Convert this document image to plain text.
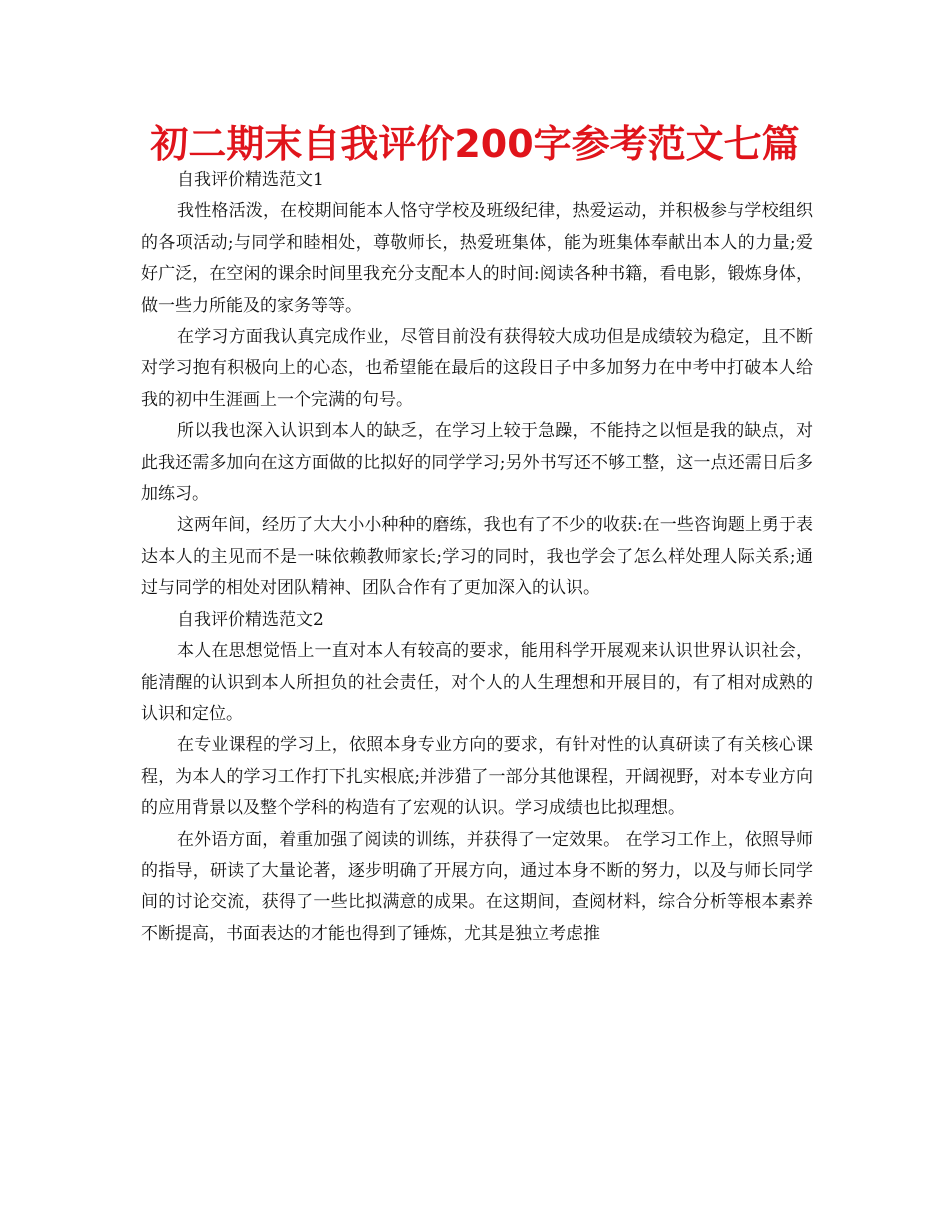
初二期末自我评价200字参考范文七篇

自我评价精选范文1

我性格活泼，在校期间能本人恪守学校及班级纪律，热爱运动，并积极参与学校组织的各项活动;与同学和睦相处，尊敬师长，热爱班集体，能为班集体奉献出本人的力量;爱好广泛，在空闲的课余时间里我充分支配本人的时间:阅读各种书籍，看电影，锻炼身体，做一些力所能及的家务等等。

在学习方面我认真完成作业，尽管目前没有获得较大成功但是成绩较为稳定，且不断对学习抱有积极向上的心态，也希望能在最后的这段日子中多加努力在中考中打破本人给我的初中生涯画上一个完满的句号。

所以我也深入认识到本人的缺乏，在学习上较于急躁，不能持之以恒是我的缺点，对此我还需多加向在这方面做的比拟好的同学学习;另外书写还不够工整，这一点还需日后多加练习。

这两年间，经历了大大小小种种的磨练，我也有了不少的收获:在一些咨询题上勇于表达本人的主见而不是一味依赖教师家长;学习的同时，我也学会了怎么样处理人际关系;通过与同学的相处对团队精神、团队合作有了更加深入的认识。

自我评价精选范文2

本人在思想觉悟上一直对本人有较高的要求，能用科学开展观来认识世界认识社会，能清醒的认识到本人所担负的社会责任，对个人的人生理想和开展目的，有了相对成熟的认识和定位。

在专业课程的学习上，依照本身专业方向的要求，有针对性的认真研读了有关核心课程，为本人的学习工作打下扎实根底;并涉猎了一部分其他课程，开阔视野，对本专业方向的应用背景以及整个学科的构造有了宏观的认识。学习成绩也比拟理想。

在外语方面，着重加强了阅读的训练，并获得了一定效果。 在学习工作上，依照导师的指导，研读了大量论著，逐步明确了开展方向，通过本身不断的努力，以及与师长同学间的讨论交流，获得了一些比拟满意的成果。在这期间，查阅材料，综合分析等根本素养不断提高，书面表达的才能也得到了锤炼，尤其是独立考虑推
